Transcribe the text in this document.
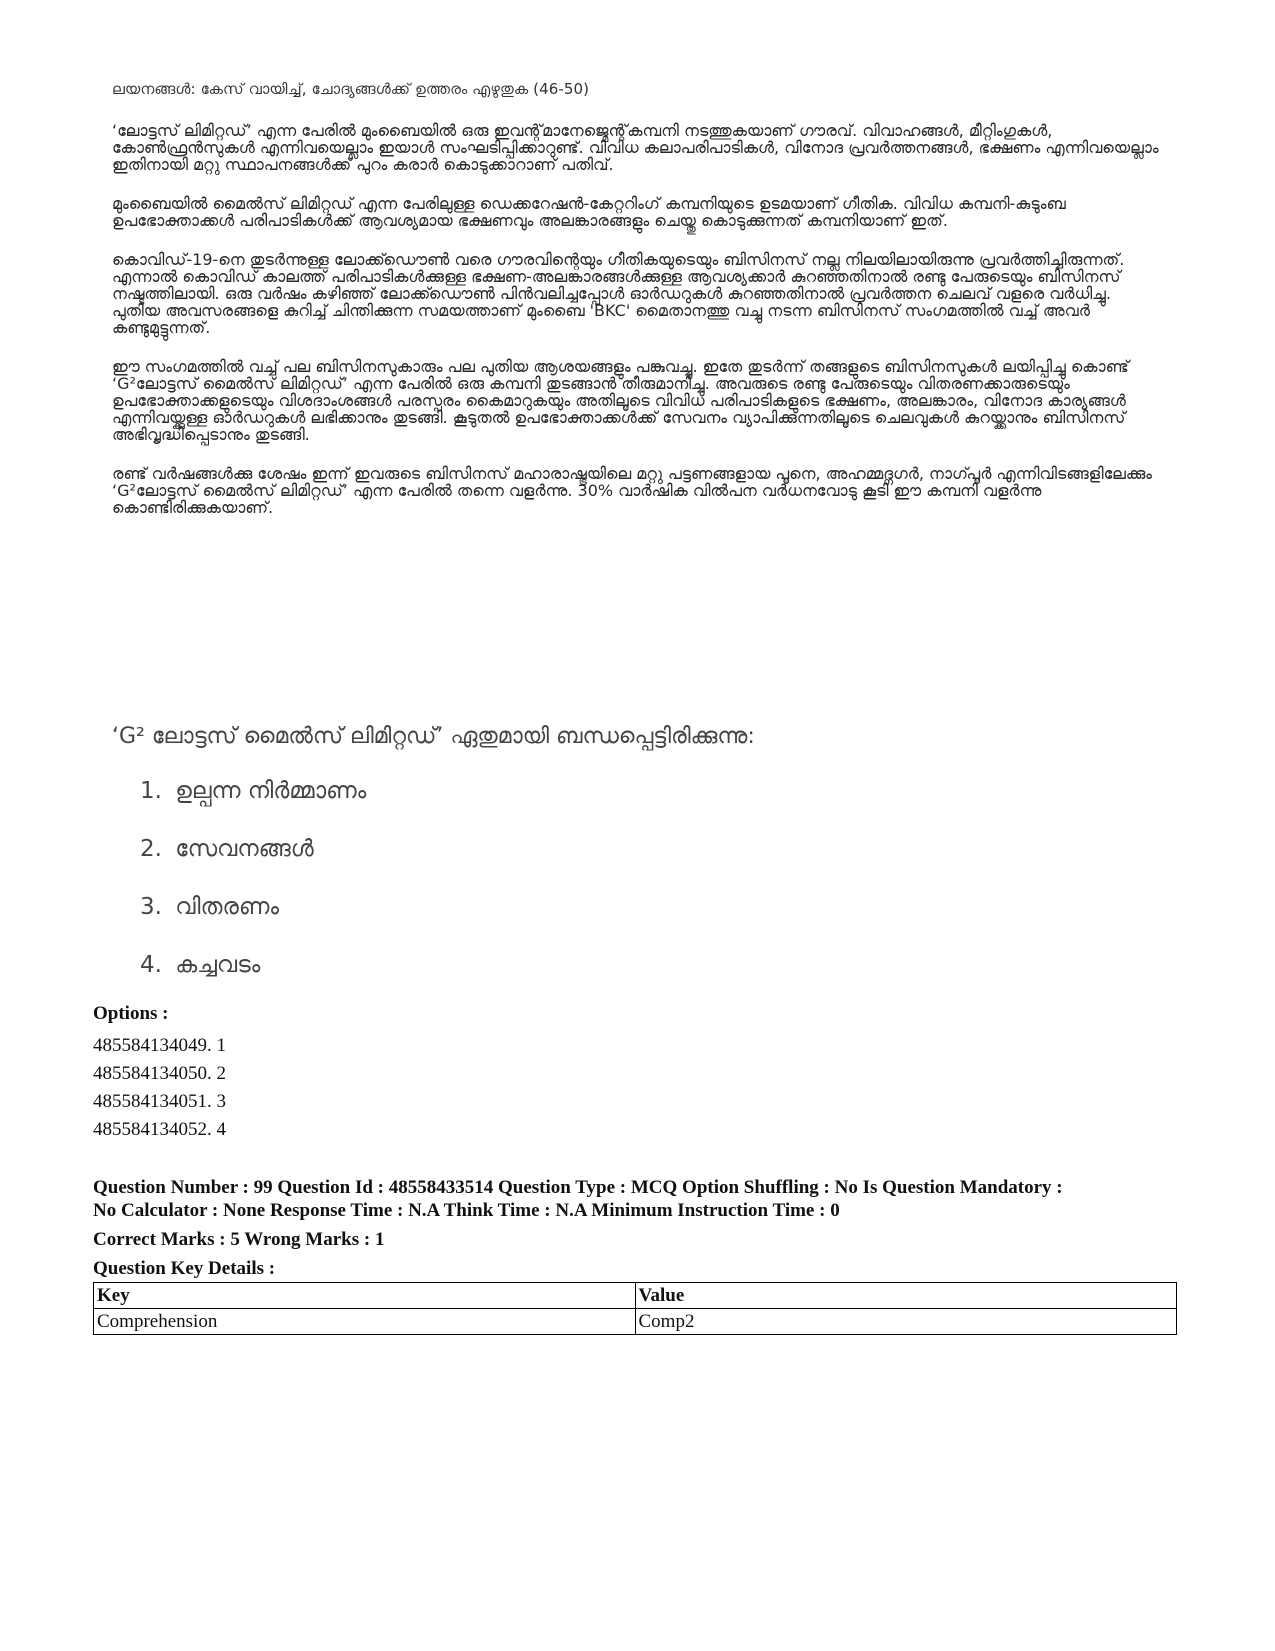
ലയനങ്ങൾ: കേസ് വായിച്ച്, ചോദ്യങ്ങൾക്ക് ഉത്തരം എഴുതുക (46-50)

‘ലോട്ടസ് ലിമിറ്റഡ്’ എന്ന പേരിൽ മുംബൈയിൽ ഒരു ഇവന്റ്‌മാനേജ്മെന്റ്‌കമ്പനി നടത്തുകയാണ് ഗൗരവ്. വിവാഹങ്ങൾ, മീറ്റിംഗുകൾ, കോൺഫ്രൻസുകൾ എന്നിവയെല്ലാം ഇയാൾ സംഘടിപ്പിക്കാറുണ്ട്. വിവിധ കലാപരിപാടികൾ, വിനോദ പ്രവർത്തനങ്ങൾ, ഭക്ഷണം എന്നിവയെല്ലാം ഇതിനായി മറ്റു സ്ഥാപനങ്ങൾക്ക് പുറം കരാർ കൊടുക്കാറാണ് പതിവ്.

മുംബൈയിൽ മൈൽസ് ലിമിറ്റഡ് എന്ന പേരിലുള്ള ഡെക്കറേഷൻ-കേറ്ററിംഗ് കമ്പനിയുടെ ഉടമയാണ് ഗീതിക. വിവിധ കമ്പനി-കുടുംബ ഉപഭോക്താക്കൾ പരിപാടികൾക്ക് ആവശ്യമായ ഭക്ഷണവും അലങ്കാരങ്ങളും ചെയ്തു കൊടുക്കുന്നത് കമ്പനിയാണ് ഇത്.

കൊവിഡ്-19-നെ തുടർന്നുള്ള ലോക്ക്ഡൌൺ വരെ ഗൗരവിന്റെയും ഗീതികയുടെയും ബിസിനസ് നല്ല നിലയിലായിരുന്നു പ്രവർത്തിച്ചിരുന്നത്. എന്നാൽ കൊവിഡ് കാലത്ത് പരിപാടികൾക്കുള്ള ഭക്ഷണ-അലങ്കാരങ്ങൾക്കുള്ള ആവശ്യക്കാർ കുറഞ്ഞതിനാൽ രണ്ടു പേരുടെയും ബിസിനസ് നഷ്ടത്തിലായി. ഒരു വർഷം കഴിഞ്ഞ് ലോക്ക്ഡൌൺ പിൻവലിച്ചപ്പോൾ ഓർഡറുകൾ കുറഞ്ഞതിനാൽ പ്രവർത്തന ചെലവ് വളരെ വർധിച്ചു. പുതിയ അവസരങ്ങളെ കുറിച്ച് ചിന്തിക്കുന്ന സമയത്താണ് മുംബൈ 'BKC' മൈതാനത്തു വച്ചു നടന്ന ബിസിനസ് സംഗമത്തിൽ വച്ച് അവർ കണ്ടുമുട്ടുന്നത്.

ഈ സംഗമത്തിൽ വച്ച് പല ബിസിനസുകാരും പല പുതിയ ആശയങ്ങളും പങ്കുവച്ചു. ഇതേ തുടർന്ന് തങ്ങളുടെ ബിസിനസുകൾ ലയിപ്പിച്ചു കൊണ്ട് ‘G²ലോട്ടസ് മൈൽസ് ലിമിറ്റഡ്’ എന്ന പേരിൽ ഒരു കമ്പനി തുടങ്ങാൻ തീരുമാനിച്ചു. അവരുടെ രണ്ടു പേരുടെയും വിതരണക്കാരുടെയും ഉപഭോക്താക്കളുടെയും വിശദാംശങ്ങൾ പരസ്പരം കൈമാറുകയും അതിലൂടെ വിവിധ പരിപാടികളുടെ ഭക്ഷണം, അലങ്കാരം, വിനോദ കാര്യങ്ങൾ എന്നിവയ്ക്കുള്ള ഓർഡറുകൾ ലഭിക്കാനും തുടങ്ങി. കൂടുതൽ ഉപഭോക്താക്കൾക്ക് സേവനം വ്യാപിക്കുന്നതിലൂടെ ചെലവുകൾ കുറയ്ക്കാനും ബിസിനസ് അഭിവൃദ്ധിപ്പെടാനും തുടങ്ങി.

രണ്ട് വർഷങ്ങൾക്കു ശേഷം ഇന്ന് ഇവരുടെ ബിസിനസ് മഹാരാഷ്ട്രയിലെ മറ്റു പട്ടണങ്ങളായ പൂനെ, അഹമ്മദ്നഗർ, നാഗ്പൂർ എന്നിവിടങ്ങളിലേക്കും ‘G²ലോട്ടസ് മൈൽസ് ലിമിറ്റഡ്’ എന്ന പേരിൽ തന്നെ വളർന്നു. 30% വാർഷിക വിൽപന വർധനവോടു കൂടി ഈ കമ്പനി വളർന്നു കൊണ്ടിരിക്കുകയാണ്.

‘G² ലോട്ടസ് മൈൽസ് ലിമിറ്റഡ്’ ഏതുമായി ബന്ധപ്പെട്ടിരിക്കുന്നു:
1. ഉല്പന്ന നിർമ്മാണം
2. സേവനങ്ങൾ
3. വിതരണം
4. കച്ചവടം
Options :
485584134049. 1
485584134050. 2
485584134051. 3
485584134052. 4
Question Number : 99 Question Id : 48558433514 Question Type : MCQ Option Shuffling : No Is Question Mandatory :
No Calculator : None Response Time : N.A Think Time : N.A Minimum Instruction Time : 0
Correct Marks : 5 Wrong Marks : 1
Question Key Details :
Key	Value
Comprehension	Comp2
